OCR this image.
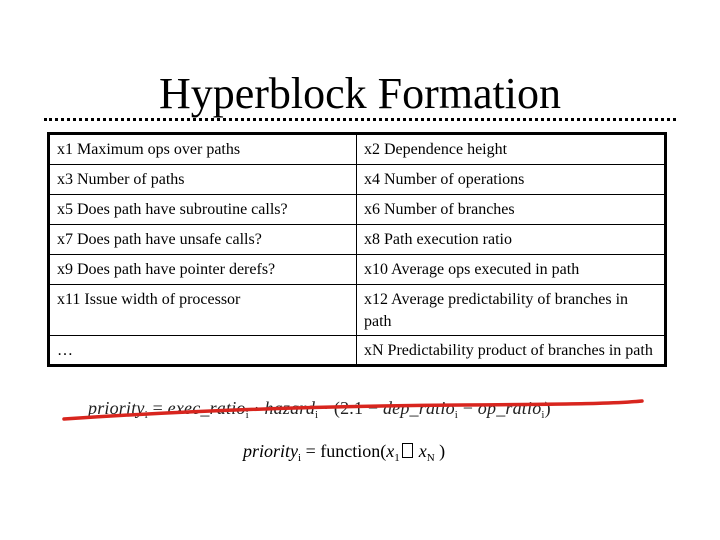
Hyperblock Formation
x1 Maximum ops over paths	x2 Dependence height
x3 Number of paths	x4 Number of operations
x5 Does path have subroutine calls?	x6 Number of branches
x7 Does path have unsafe calls?	x8 Path execution ratio
x9 Does path have pointer derefs?	x10 Average ops executed in path
x11 Issue width of processor	x12 Average predictability of branches in path
…	xN Predictability product of branches in path
priority$_i$ = exec_ratio$_i$ · hazard$_i$ · (2.1 − dep_ratio$_i$ − op_ratio$_i$)
priority$_i$ = $function(x_1$ $x_N$ )
